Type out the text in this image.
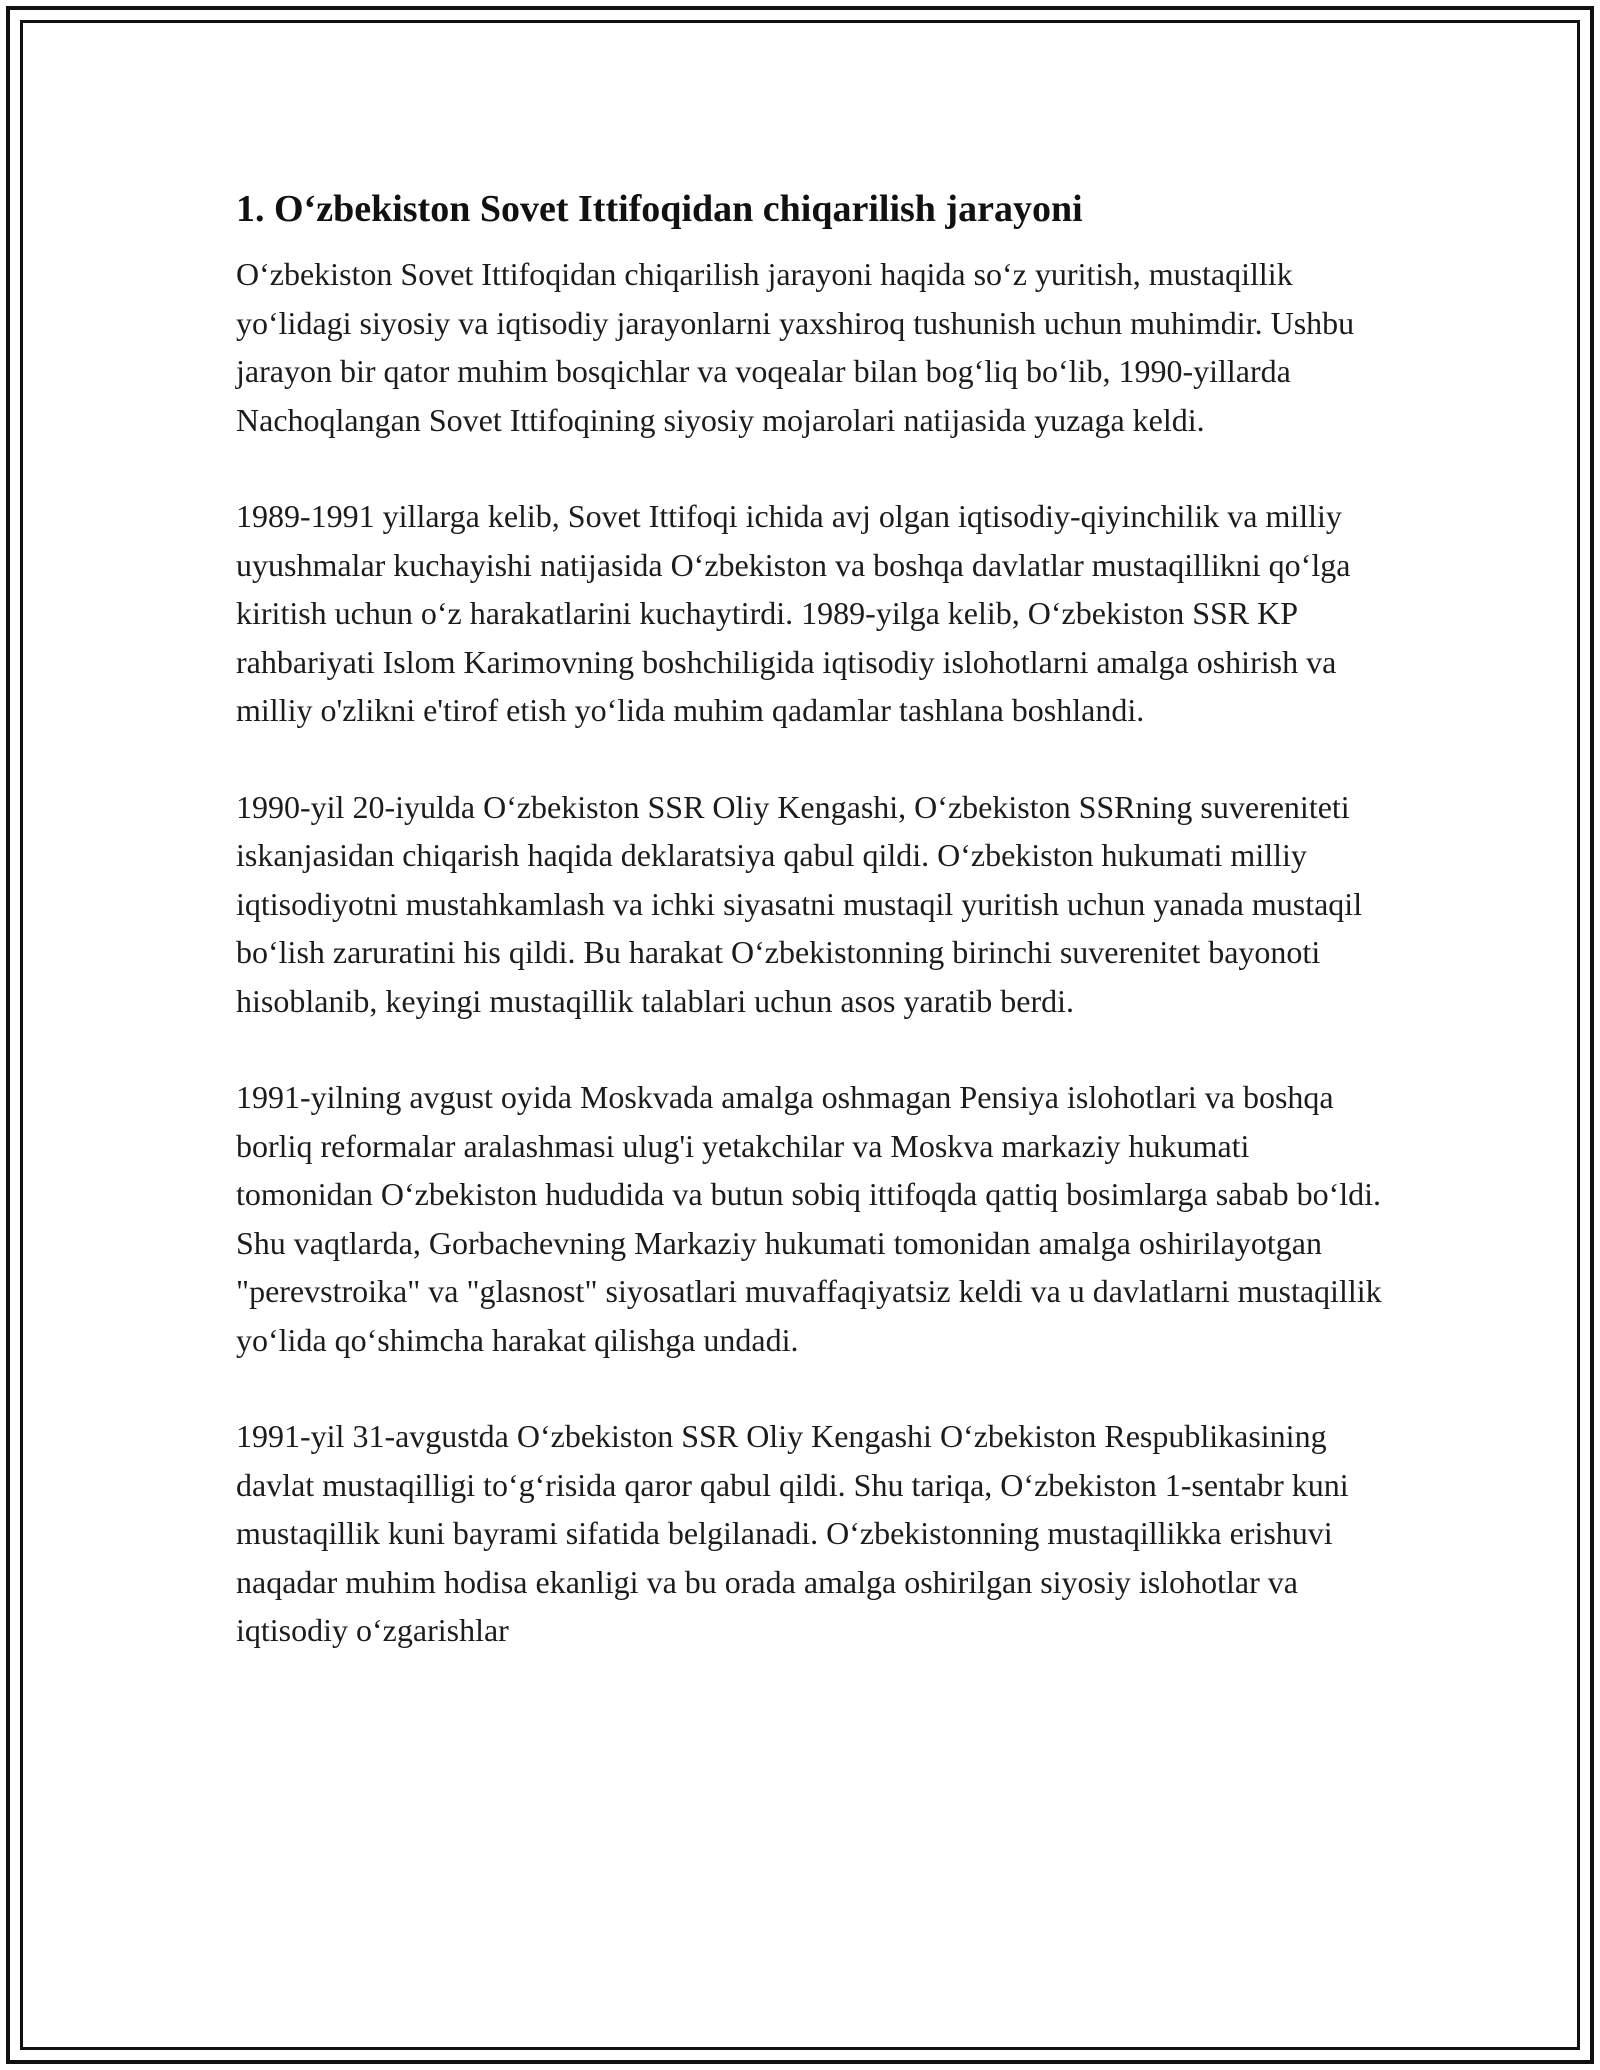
1. O‘zbekiston Sovet Ittifoqidan chiqarilish jarayoni

O‘zbekiston Sovet Ittifoqidan chiqarilish jarayoni haqida so‘z yuritish, mustaqillik yo‘lidagi siyosiy va iqtisodiy jarayonlarni yaxshiroq tushunish uchun muhimdir. Ushbu jarayon bir qator muhim bosqichlar va voqealar bilan bog‘liq bo‘lib, 1990-yillarda Nachoqlangan Sovet Ittifoqining siyosiy mojarolari natijasida yuzaga keldi.

1989-1991 yillarga kelib, Sovet Ittifoqi ichida avj olgan iqtisodiy-qiyinchilik va milliy uyushmalar kuchayishi natijasida O‘zbekiston va boshqa davlatlar mustaqillikni qo‘lga kiritish uchun o‘z harakatlarini kuchaytirdi. 1989-yilga kelib, O‘zbekiston SSR KP rahbariyati Islom Karimovning boshchiligida iqtisodiy islohotlarni amalga oshirish va milliy o'zlikni e'tirof etish yo‘lida muhim qadamlar tashlana boshlandi.

1990-yil 20-iyulda O‘zbekiston SSR Oliy Kengashi, O‘zbekiston SSRning suvereniteti iskanjasidan chiqarish haqida deklaratsiya qabul qildi. O‘zbekiston hukumati milliy iqtisodiyotni mustahkamlash va ichki siyasatni mustaqil yuritish uchun yanada mustaqil bo‘lish zaruratini his qildi. Bu harakat O‘zbekistonning birinchi suverenitet bayonoti hisoblanib, keyingi mustaqillik talablari uchun asos yaratib berdi.

1991-yilning avgust oyida Moskvada amalga oshmagan Pensiya islohotlari va boshqa borliq reformalar aralashmasi ulug'i yetakchilar va Moskva markaziy hukumati tomonidan O‘zbekiston hududida va butun sobiq ittifoqda qattiq bosimlarga sabab bo‘ldi. Shu vaqtlarda, Gorbachevning Markaziy hukumati tomonidan amalga oshirilayotgan "perevstroika" va "glasnost" siyosatlari muvaffaqiyatsiz keldi va u davlatlarni mustaqillik yo‘lida qo‘shimcha harakat qilishga undadi.

1991-yil 31-avgustda O‘zbekiston SSR Oliy Kengashi O‘zbekiston Respublikasining davlat mustaqilligi to‘g‘risida qaror qabul qildi. Shu tariqa, O‘zbekiston 1-sentabr kuni mustaqillik kuni bayrami sifatida belgilanadi. O‘zbekistonning mustaqillikka erishuvi naqadar muhim hodisa ekanligi va bu orada amalga oshirilgan siyosiy islohotlar va iqtisodiy o‘zgarishlar
